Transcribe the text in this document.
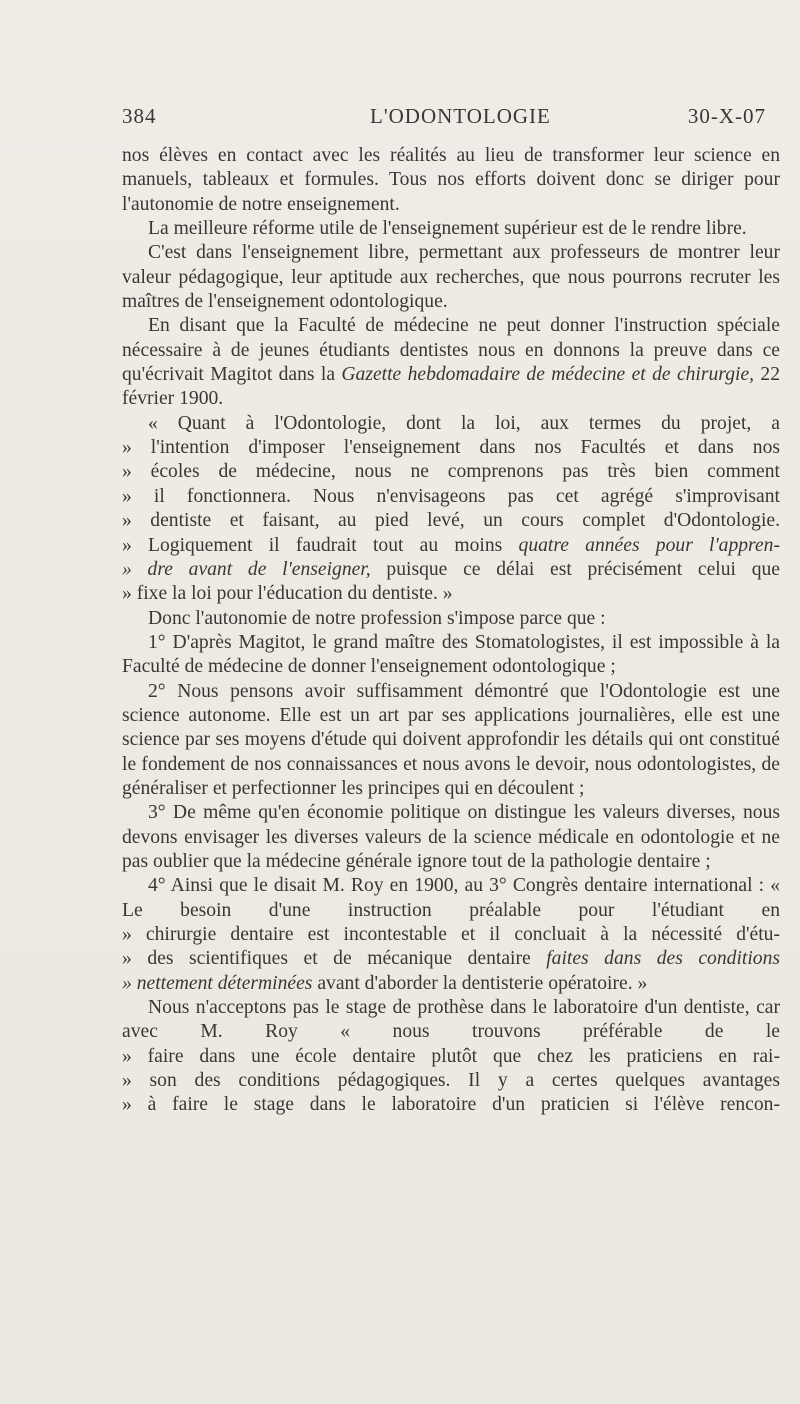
384	L'ODONTOLOGIE	30-X-07

nos élèves en contact avec les réalités au lieu de transformer leur science en manuels, tableaux et formules. Tous nos efforts doivent donc se diriger pour l'autonomie de notre enseignement.

La meilleure réforme utile de l'enseignement supérieur est de le rendre libre.

C'est dans l'enseignement libre, permettant aux professeurs de montrer leur valeur pédagogique, leur aptitude aux recherches, que nous pourrons recruter les maîtres de l'enseignement odontologique.

En disant que la Faculté de médecine ne peut donner l'instruction spéciale nécessaire à de jeunes étudiants dentistes nous en donnons la preuve dans ce qu'écrivait Magitot dans la Gazette hebdomadaire de médecine et de chirurgie, 22 février 1900.

« Quant à l'Odontologie, dont la loi, aux termes du projet, a

» l'intention d'imposer l'enseignement dans nos Facultés et dans nos

» écoles de médecine, nous ne comprenons pas très bien comment

» il fonctionnera. Nous n'envisageons pas cet agrégé s'improvisant

» dentiste et faisant, au pied levé, un cours complet d'Odontologie.

» Logiquement il faudrait tout au moins quatre années pour l'appren-

» dre avant de l'enseigner, puisque ce délai est précisément celui que

» fixe la loi pour l'éducation du dentiste. »

Donc l'autonomie de notre profession s'impose parce que :

1° D'après Magitot, le grand maître des Stomatologistes, il est impossible à la Faculté de médecine de donner l'enseignement odontologique ;

2° Nous pensons avoir suffisamment démontré que l'Odontologie est une science autonome. Elle est un art par ses applications journalières, elle est une science par ses moyens d'étude qui doivent approfondir les détails qui ont constitué le fondement de nos connaissances et nous avons le devoir, nous odontologistes, de généraliser et perfectionner les principes qui en découlent ;

3° De même qu'en économie politique on distingue les valeurs diverses, nous devons envisager les diverses valeurs de la science médicale en odontologie et ne pas oublier que la médecine générale ignore tout de la pathologie dentaire ;

4° Ainsi que le disait M. Roy en 1900, au 3° Congrès dentaire international : « Le besoin d'une instruction préalable pour l'étudiant en

» chirurgie dentaire est incontestable et il concluait à la nécessité d'étu-

» des scientifiques et de mécanique dentaire faites dans des conditions

» nettement déterminées avant d'aborder la dentisterie opératoire. »

Nous n'acceptons pas le stage de prothèse dans le laboratoire d'un dentiste, car avec M. Roy « nous trouvons préférable de le

» faire dans une école dentaire plutôt que chez les praticiens en rai-

» son des conditions pédagogiques. Il y a certes quelques avantages

» à faire le stage dans le laboratoire d'un praticien si l'élève rencon-
